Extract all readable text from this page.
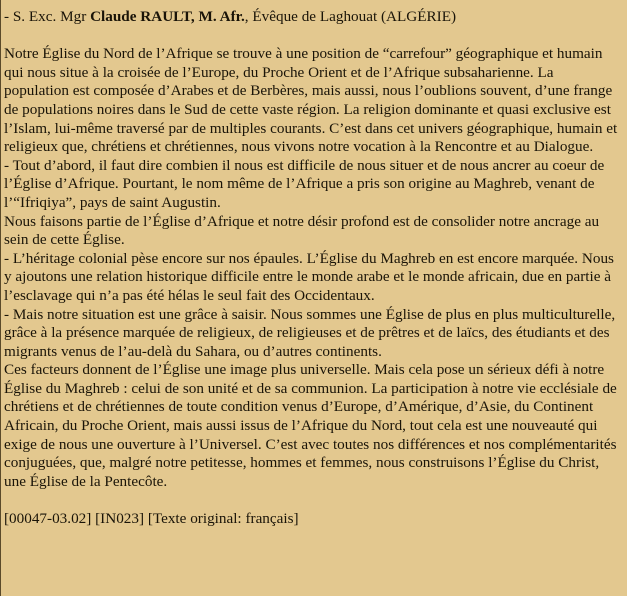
- S. Exc. Mgr Claude RAULT, M. Afr., Évêque de Laghouat (ALGÉRIE)

Notre Église du Nord de l’Afrique se trouve à une position de “carrefour” géographique et humain qui nous situe à la croisée de l’Europe, du Proche Orient et de l’Afrique subsaharienne. La population est composée d’Arabes et de Berbères, mais aussi, nous l’oublions souvent, d’une frange de populations noires dans le Sud de cette vaste région. La religion dominante et quasi exclusive est l’Islam, lui-même traversé par de multiples courants. C’est dans cet univers géographique, humain et religieux que, chrétiens et chrétiennes, nous vivons notre vocation à la Rencontre et au Dialogue.
- Tout d’abord, il faut dire combien il nous est difficile de nous situer et de nous ancrer au coeur de l’Église d’Afrique. Pourtant, le nom même de l’Afrique a pris son origine au Maghreb, venant de l’“Ifriqiya”, pays de saint Augustin.
Nous faisons partie de l’Église d’Afrique et notre désir profond est de consolider notre ancrage au sein de cette Église.
- L’héritage colonial pèse encore sur nos épaules. L’Église du Maghreb en est encore marquée. Nous y ajoutons une relation historique difficile entre le monde arabe et le monde africain, due en partie à l’esclavage qui n’a pas été hélas le seul fait des Occidentaux.
- Mais notre situation est une grâce à saisir. Nous sommes une Église de plus en plus multiculturelle, grâce à la présence marquée de religieux, de religieuses et de prêtres et de laïcs, des étudiants et des migrants venus de l’au-delà du Sahara, ou d’autres continents.
Ces facteurs donnent de l’Église une image plus universelle. Mais cela pose un sérieux défi à notre Église du Maghreb : celui de son unité et de sa communion. La participation à notre vie ecclésiale de chrétiens et de chrétiennes de toute condition venus d’Europe, d’Amérique, d’Asie, du Continent Africain, du Proche Orient, mais aussi issus de l’Afrique du Nord, tout cela est une nouveauté qui exige de nous une ouverture à l’Universel. C’est avec toutes nos différences et nos complémentarités conjuguées, que, malgré notre petitesse, hommes et femmes, nous construisons l’Église du Christ, une Église de la Pentecôte.

[00047-03.02] [IN023] [Texte original: français]
